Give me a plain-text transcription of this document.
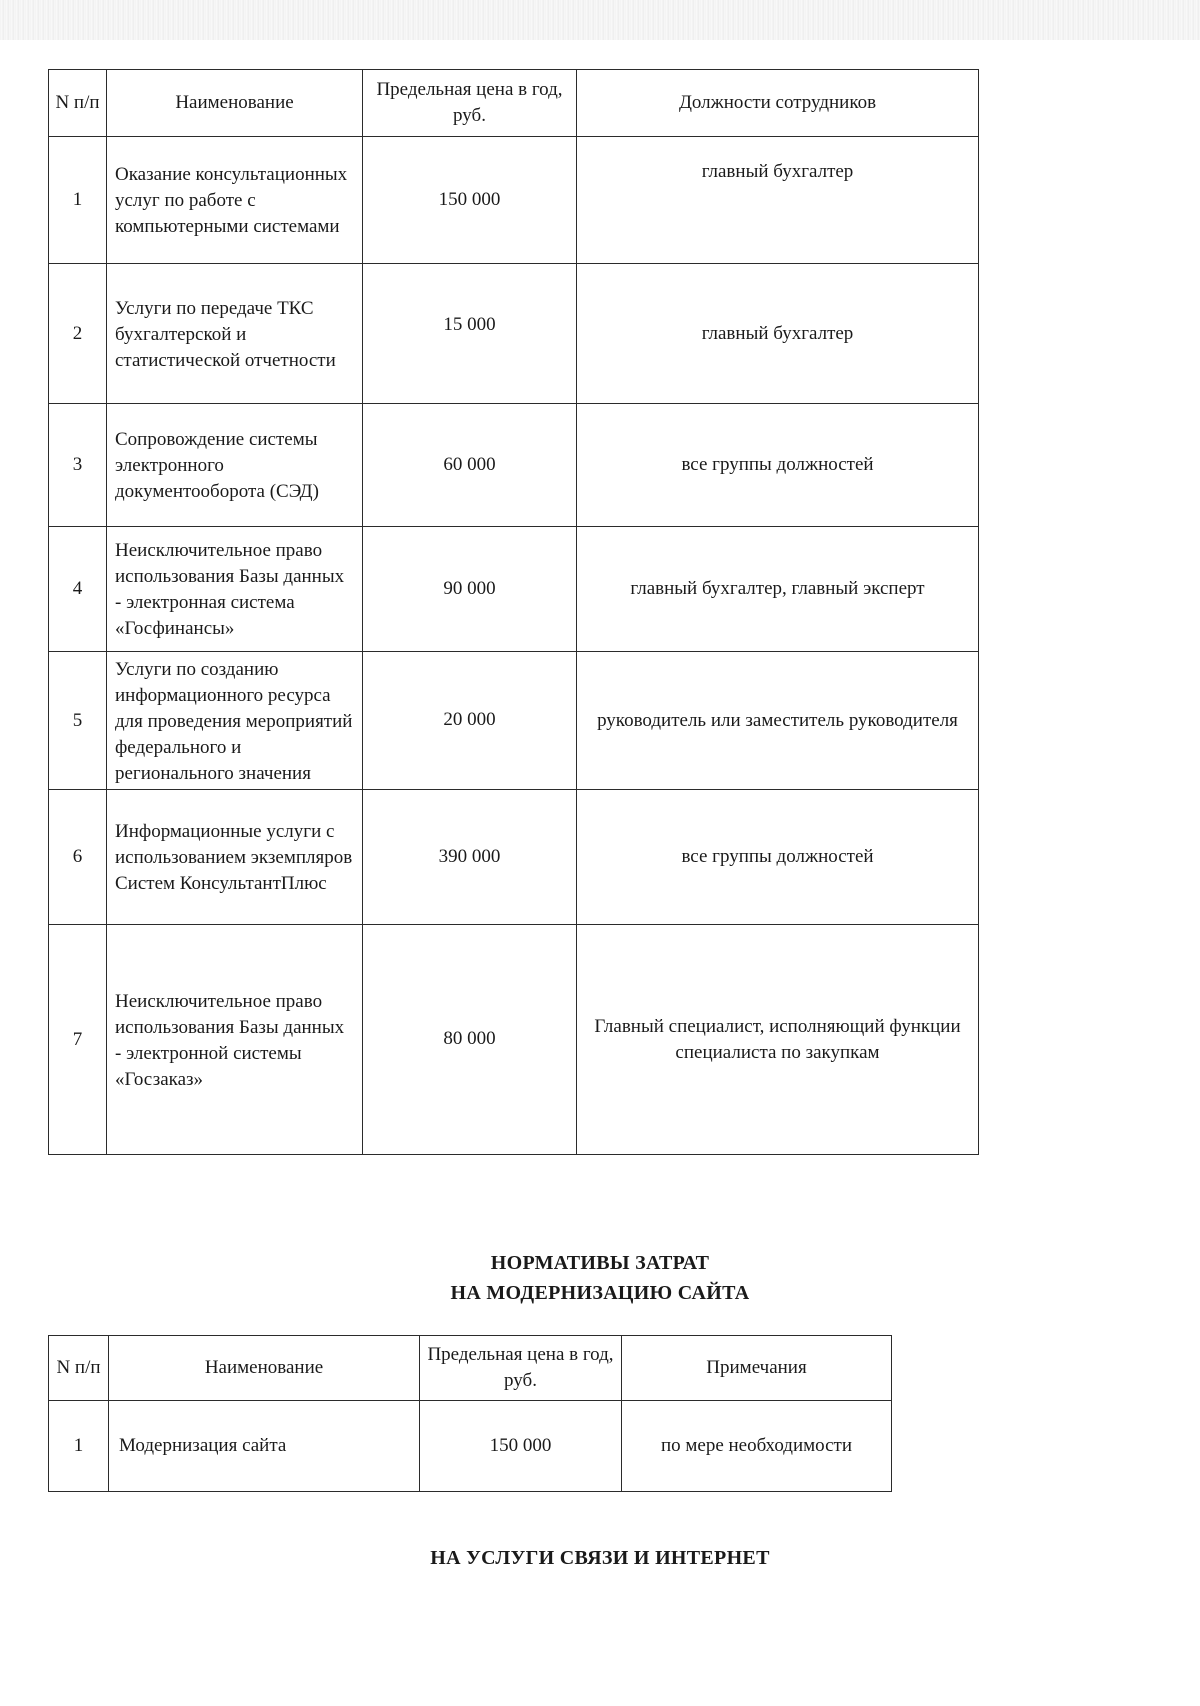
N п/п	Наименование	Предельная цена в год, руб.	Должности сотрудников
1	Оказание консультационных услуг по работе с компьютерными системами	150 000	главный бухгалтер
2	Услуги по передаче ТКС бухгалтерской и статистической отчетности	15 000	главный бухгалтер
3	Сопровождение системы электронного документооборота (СЭД)	60 000	все группы должностей
4	Неисключительное право использования Базы данных - электронная система «Госфинансы»	90 000	главный бухгалтер, главный эксперт
5	Услуги по созданию информационного ресурса для проведения мероприятий федерального и регионального значения	20 000	руководитель или заместитель руководителя
6	Информационные услуги с использованием экземпляров Систем КонсультантПлюс	390 000	все группы должностей
7	Неисключительное право использования Базы данных - электронной системы «Госзаказ»	80 000	Главный специалист, исполняющий функции специалиста по закупкам
НОРМАТИВЫ ЗАТРАТ
НА МОДЕРНИЗАЦИЮ САЙТА
N п/п	Наименование	Предельная цена в год, руб.	Примечания
1	Модернизация сайта	150 000	по мере необходимости
НА УСЛУГИ СВЯЗИ И ИНТЕРНЕТ
